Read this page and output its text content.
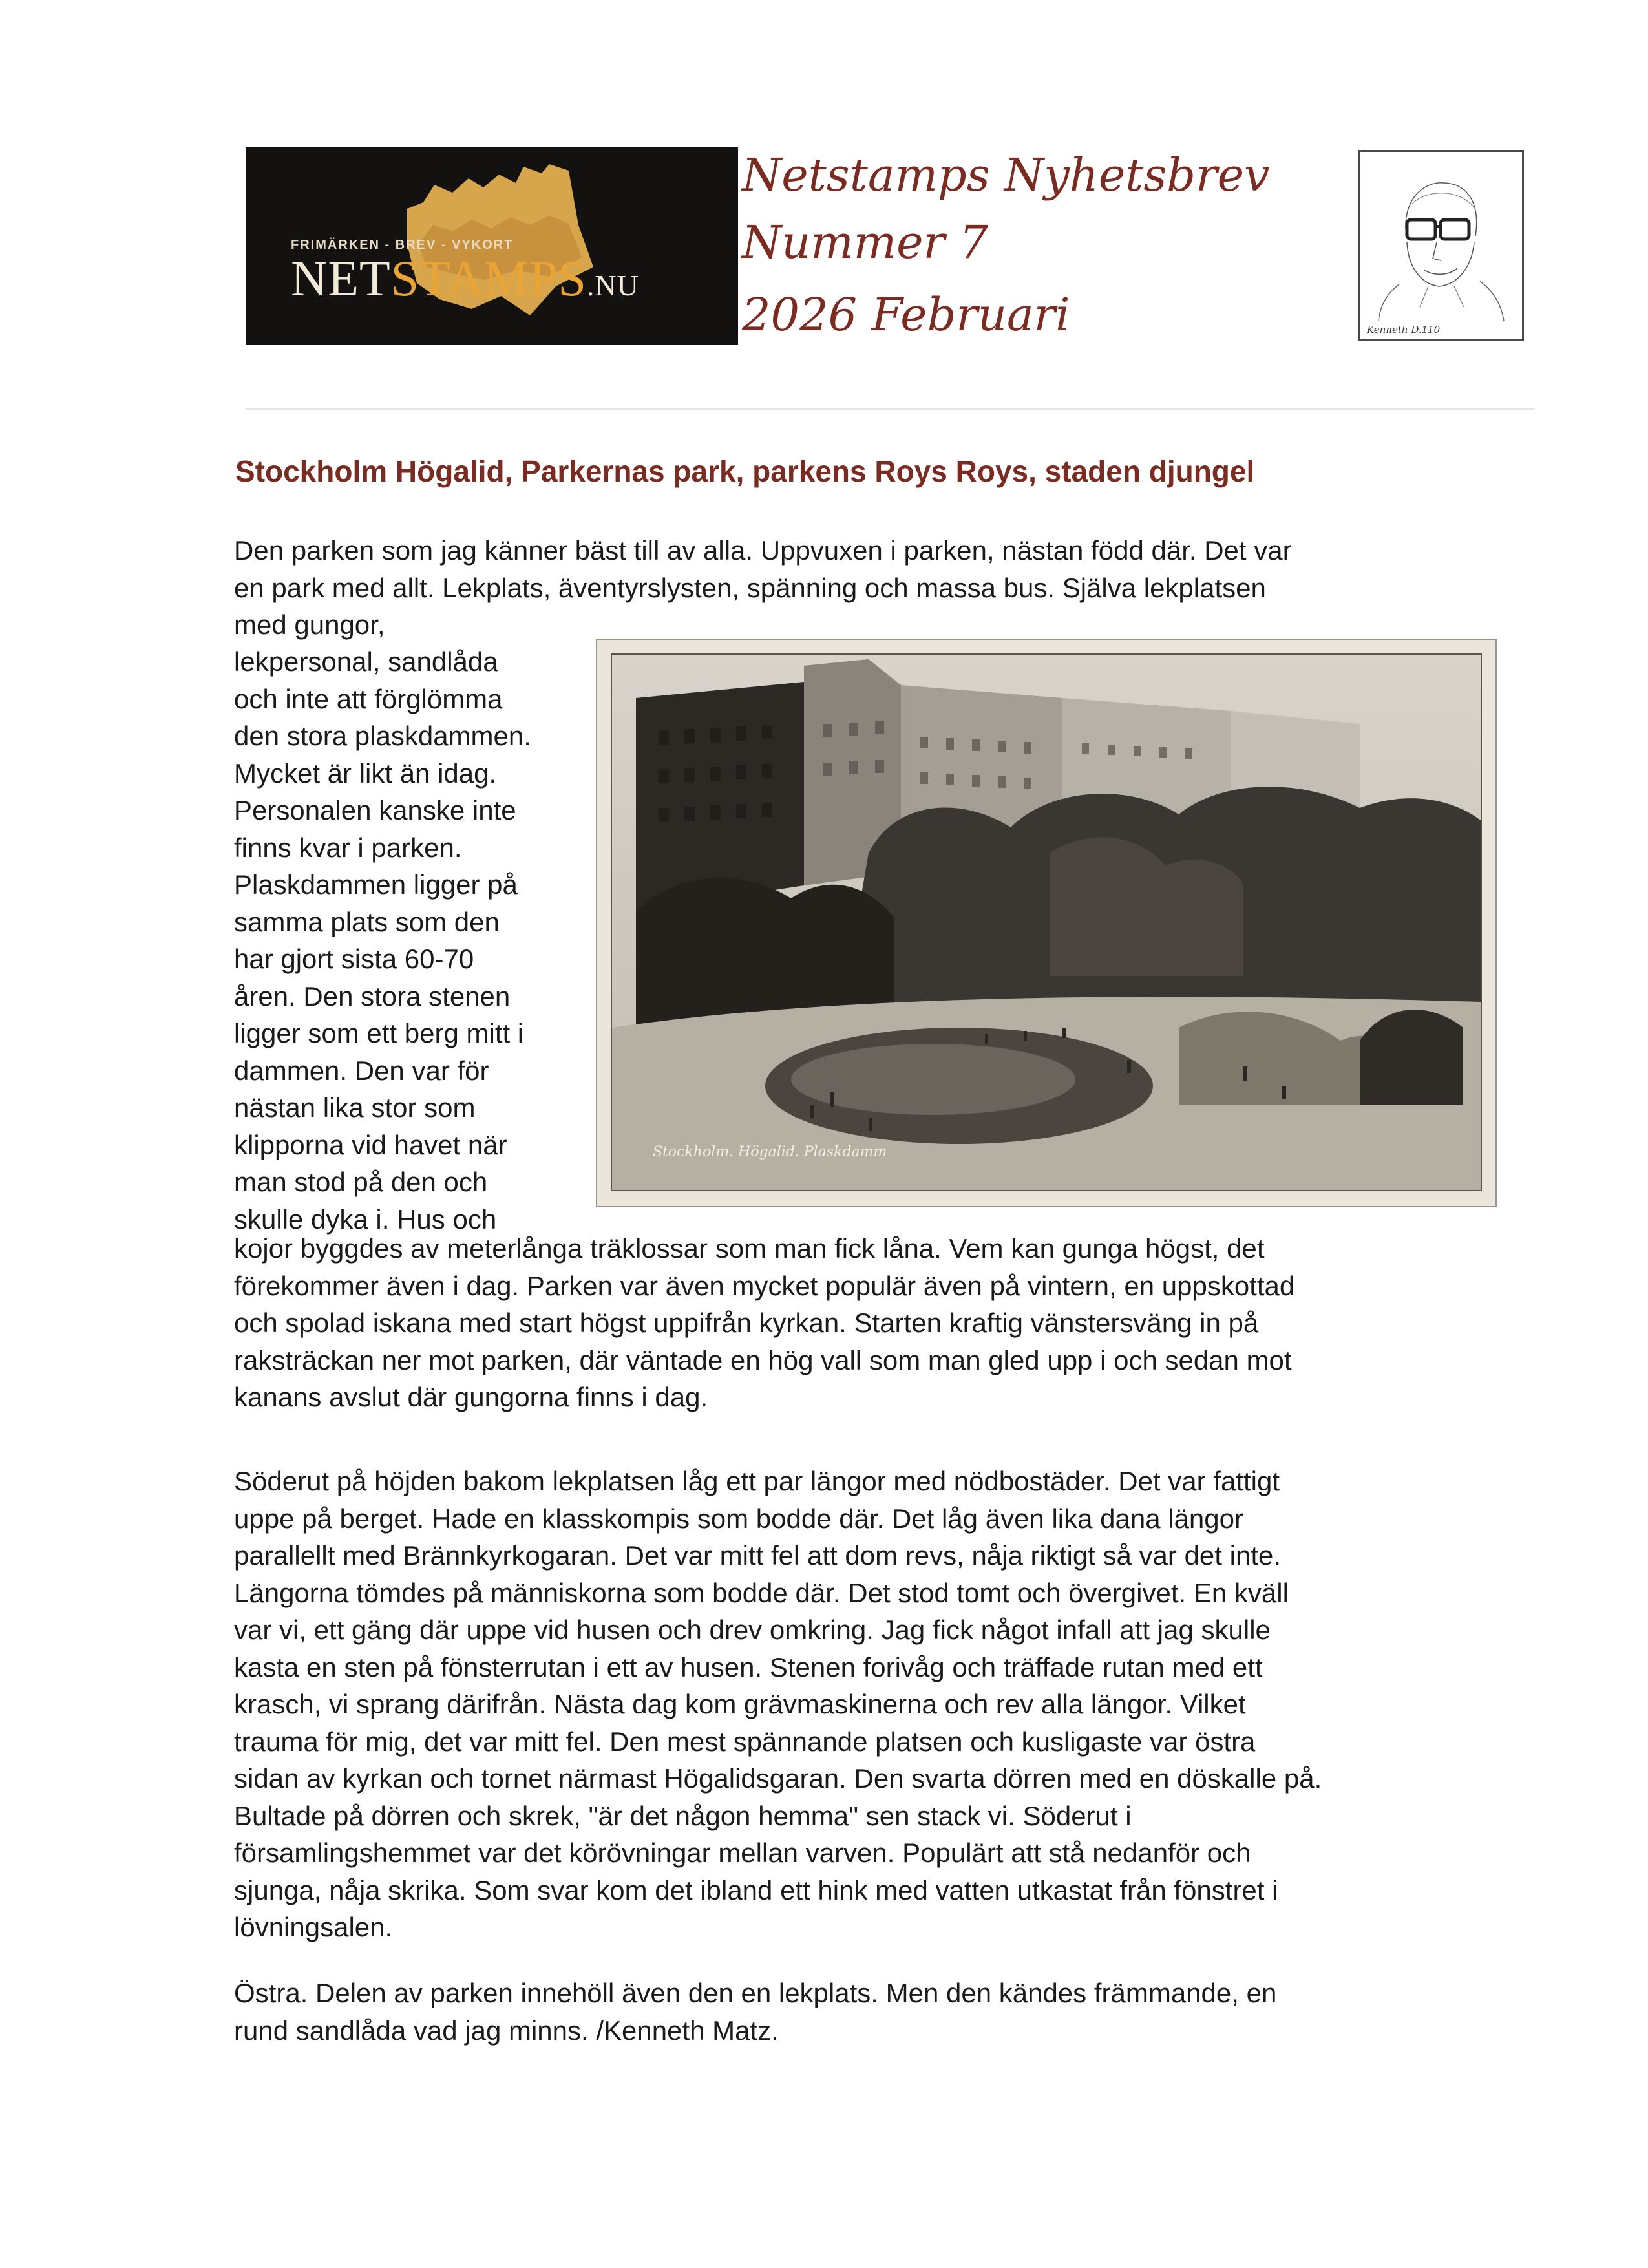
FRIMÄRKEN - BREV - VYKORT
NETSTAMPS.NU
Netstamps Nyhetsbrev
Nummer 7
2026 Februari	Kenneth D.110
Stockholm Högalid, Parkernas park, parkens Roys Roys, staden djungel
Den parken som jag känner bäst till av alla. Uppvuxen i parken, nästan född där. Det var
en park med allt. Lekplats, äventyrslysten, spänning och massa bus. Själva lekplatsen
med gungor,
lekpersonal, sandlåda
och inte att förglömma
den stora plaskdammen.
Mycket är likt än idag.
Personalen kanske inte
finns kvar i parken.
Plaskdammen ligger på
samma plats som den
har gjort sista 60-70
åren. Den stora stenen
ligger som ett berg mitt i
dammen. Den var för
nästan lika stor som
klipporna vid havet när
man stod på den och
skulle dyka i. Hus och
kojor byggdes av meterlånga träklossar som man fick låna. Vem kan gunga högst, det
förekommer även i dag. Parken var även mycket populär även på vintern, en uppskottad
och spolad iskana med start högst uppifrån kyrkan. Starten kraftig vänstersväng in på
raksträckan ner mot parken, där väntade en hög vall som man gled upp i och sedan mot
kanans avslut där gungorna finns i dag.
Söderut på höjden bakom lekplatsen låg ett par längor med nödbostäder. Det var fattigt
uppe på berget. Hade en klasskompis som bodde där. Det låg även lika dana längor
parallellt med Brännkyrkogaran. Det var mitt fel att dom revs, nåja riktigt så var det inte.
Längorna tömdes på människorna som bodde där. Det stod tomt och övergivet. En kväll
var vi, ett gäng där uppe vid husen och drev omkring. Jag fick något infall att jag skulle
kasta en sten på fönsterrutan i ett av husen. Stenen forivåg och träffade rutan med ett
krasch, vi sprang därifrån. Nästa dag kom grävmaskinerna och rev alla längor. Vilket
trauma för mig, det var mitt fel. Den mest spännande platsen och kusligaste var östra
sidan av kyrkan och tornet närmast Högalidsgaran. Den svarta dörren med en döskalle på.
Bultade på dörren och skrek, "är det någon hemma" sen stack vi. Söderut i
församlingshemmet var det körövningar mellan varven. Populärt att stå nedanför och
sjunga, nåja skrika. Som svar kom det ibland ett hink med vatten utkastat från fönstret i
lövningsalen.
Östra. Delen av parken innehöll även den en lekplats. Men den kändes främmande, en
rund sandlåda vad jag minns. /Kenneth Matz.
Stockholm. Högalid. Plaskdamm
